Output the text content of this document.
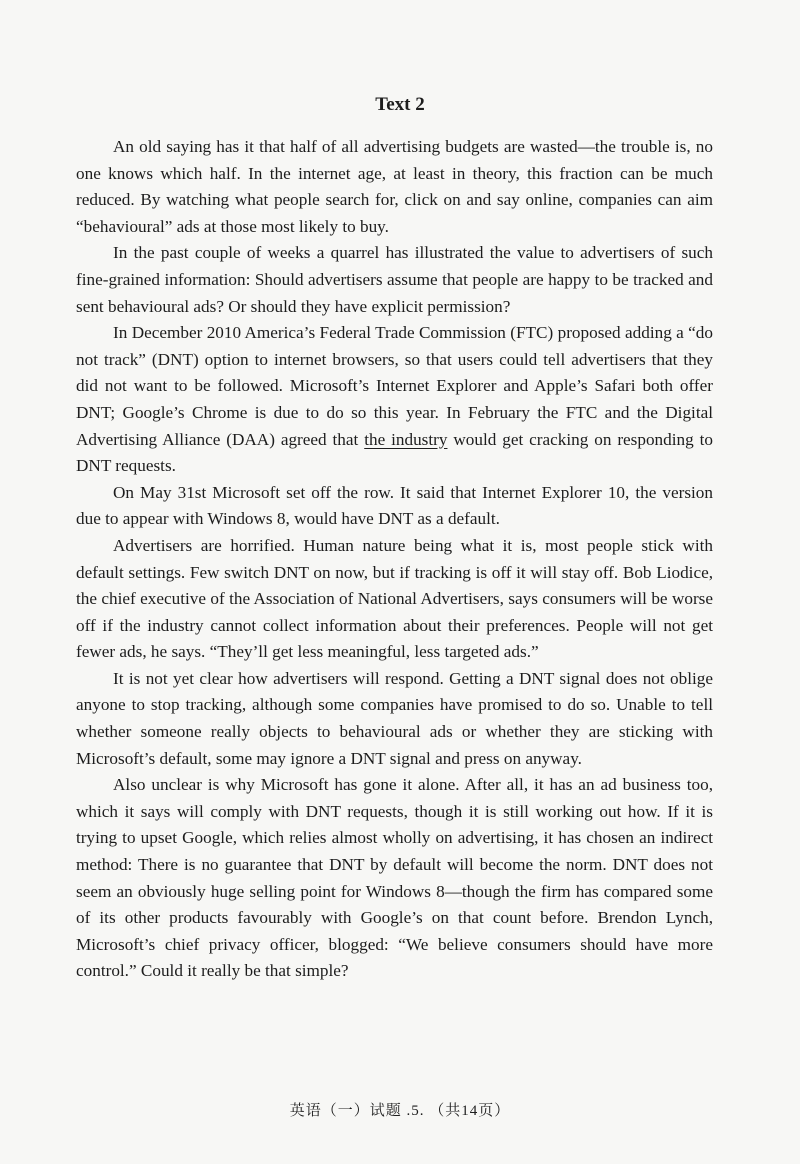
Text 2

An old saying has it that half of all advertising budgets are wasted—the trouble is, no one knows which half. In the internet age, at least in theory, this fraction can be much reduced. By watching what people search for, click on and say online, companies can aim “behavioural” ads at those most likely to buy.

In the past couple of weeks a quarrel has illustrated the value to advertisers of such fine-grained information: Should advertisers assume that people are happy to be tracked and sent behavioural ads? Or should they have explicit permission?

In December 2010 America’s Federal Trade Commission (FTC) proposed adding a “do not track” (DNT) option to internet browsers, so that users could tell advertisers that they did not want to be followed. Microsoft’s Internet Explorer and Apple’s Safari both offer DNT; Google’s Chrome is due to do so this year. In February the FTC and the Digital Advertising Alliance (DAA) agreed that the industry would get cracking on responding to DNT requests.

On May 31st Microsoft set off the row. It said that Internet Explorer 10, the version due to appear with Windows 8, would have DNT as a default.

Advertisers are horrified. Human nature being what it is, most people stick with default settings. Few switch DNT on now, but if tracking is off it will stay off. Bob Liodice, the chief executive of the Association of National Advertisers, says consumers will be worse off if the industry cannot collect information about their preferences. People will not get fewer ads, he says. “They’ll get less meaningful, less targeted ads.”

It is not yet clear how advertisers will respond. Getting a DNT signal does not oblige anyone to stop tracking, although some companies have promised to do so. Unable to tell whether someone really objects to behavioural ads or whether they are sticking with Microsoft’s default, some may ignore a DNT signal and press on anyway.

Also unclear is why Microsoft has gone it alone. After all, it has an ad business too, which it says will comply with DNT requests, though it is still working out how. If it is trying to upset Google, which relies almost wholly on advertising, it has chosen an indirect method: There is no guarantee that DNT by default will become the norm. DNT does not seem an obviously huge selling point for Windows 8—though the firm has compared some of its other products favourably with Google’s on that count before. Brendon Lynch, Microsoft’s chief privacy officer, blogged: “We believe consumers should have more control.” Could it really be that simple?

英语（一）试题 .5. （共14页）
